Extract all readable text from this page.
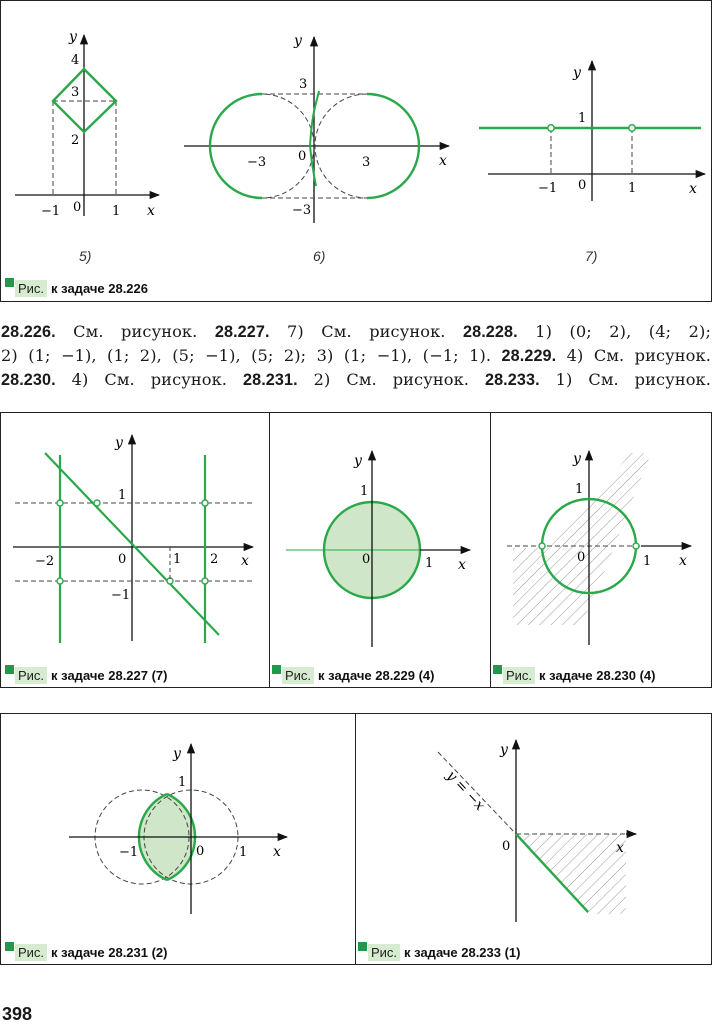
y
x
4
3
2
−1 0 1
5)
y
x
3
−3 0	3
−3
6)
y
x
1
−1 0	1
7)
Рис. к задаче 28.226
28.226. См. рисунок. 28.227. 7) См. рисунок. 28.228. 1) (0; 2), (4; 2);
2) (1; −1), (1; 2), (5; −1), (5; 2); 3) (1; −1), (−1; 1). 28.229. 4) См. рисунок.
28.230. 4) См. рисунок. 28.231. 2) См. рисунок. 28.233. 1) См. рисунок.
y
x
1
−1
0
−2	1 2
Рис. к задаче 28.227 (7)
y
x
1
0	1
Рис. к задаче 28.229 (4)
y
x
1
0	1
Рис. к задаче 28.230 (4)
y
x
1
−1	0	1
Рис. к задаче 28.231 (2)
y
x
0
y = −x
Рис. к задаче 28.233 (1)
398
